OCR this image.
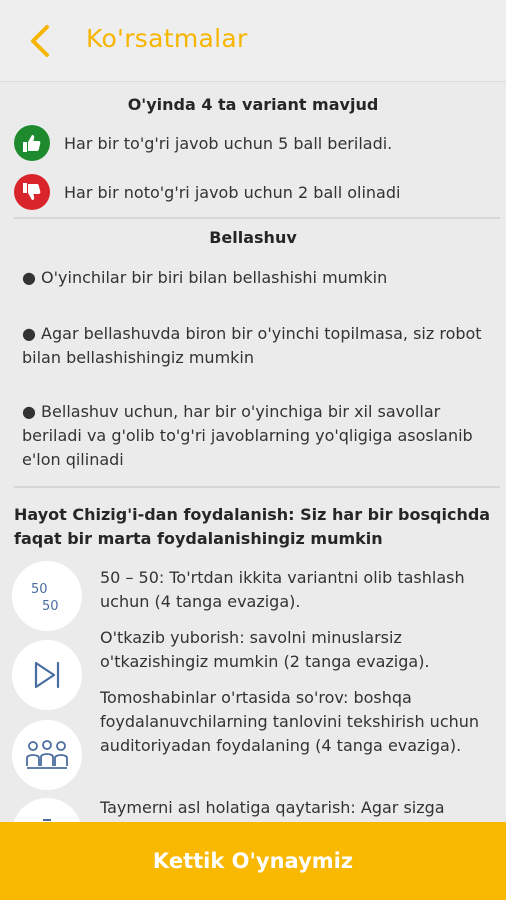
Ko'rsatmalar
O'yinda 4 ta variant mavjud
Har bir to'g'ri javob uchun 5 ball beriladi.
Har bir noto'g'ri javob uchun 2 ball olinadi
Bellashuv
● O'yinchilar bir biri bilan bellashishi mumkin
● Agar bellashuvda biron bir o'yinchi topilmasa, siz robot bilan bellashishingiz mumkin
● Bellashuv uchun, har bir o'yinchiga bir xil savollar beriladi va g'olib to'g'ri javoblarning yo'qligiga asoslanib e'lon qilinadi
Hayot Chizig'i-dan foydalanish: Siz har bir bosqichda faqat bir marta foydalanishingiz mumkin
50
50
50 – 50: To'rtdan ikkita variantni olib tashlash uchun (4 tanga evaziga).
O'tkazib yuborish: savolni minuslarsiz o'tkazishingiz mumkin (2 tanga evaziga).
Tomoshabinlar o'rtasida so'rov: boshqa foydalanuvchilarning tanlovini tekshirish uchun auditoriyadan foydalaning (4 tanga evaziga).
Taymerni asl holatiga qaytarish: Agar sizga
Kettik O'ynaymiz
